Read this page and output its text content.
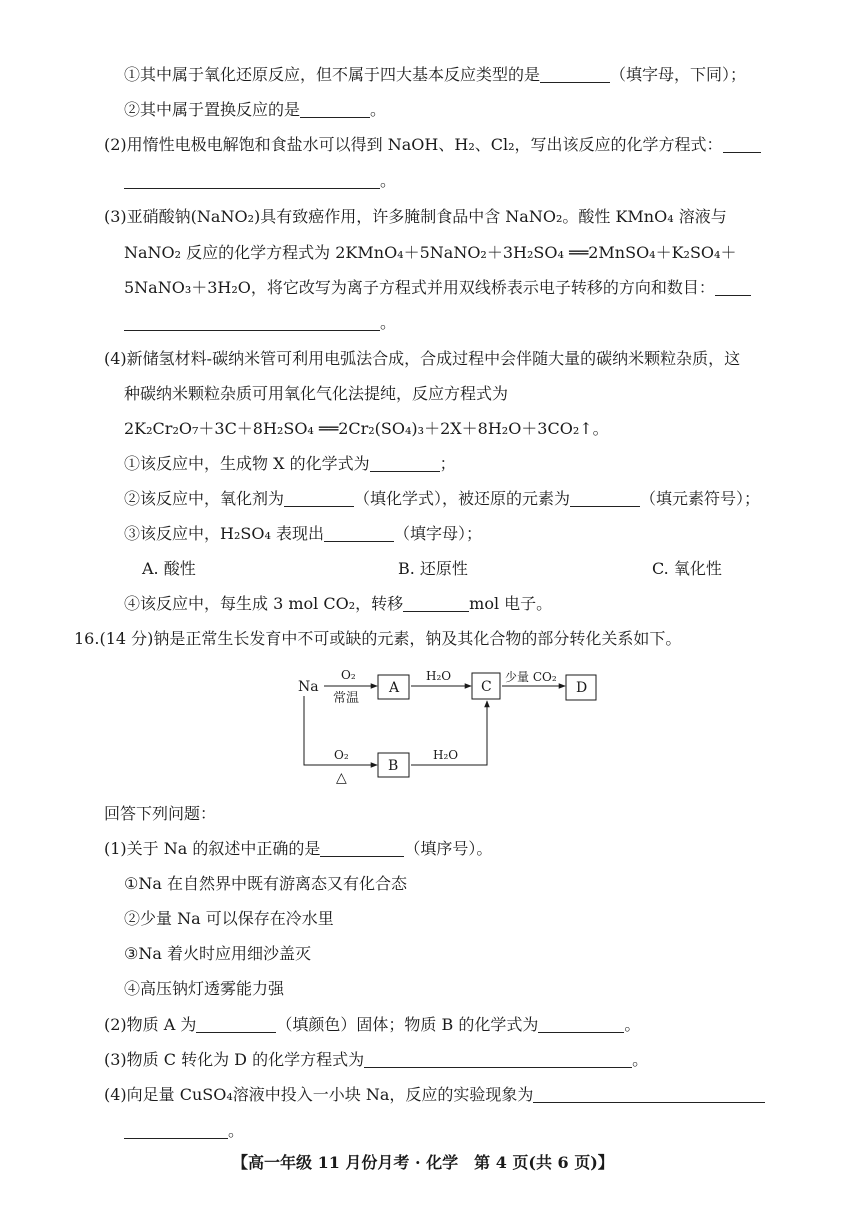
①其中属于氧化还原反应，但不属于四大基本反应类型的是	（填字母，下同）；
②其中属于置换反应的是	。
(2)用惰性电极电解饱和食盐水可以得到 NaOH、H₂、Cl₂，写出该反应的化学方程式：
。
(3)亚硝酸钠(NaNO₂)具有致癌作用，许多腌制食品中含 NaNO₂。酸性 KMnO₄ 溶液与
NaNO₂ 反应的化学方程式为 2KMnO₄＋5NaNO₂＋3H₂SO₄ ══2MnSO₄＋K₂SO₄＋
5NaNO₃＋3H₂O，将它改写为离子方程式并用双线桥表示电子转移的方向和数目：
。
(4)新储氢材料-碳纳米管可利用电弧法合成，合成过程中会伴随大量的碳纳米颗粒杂质，这
种碳纳米颗粒杂质可用氧化气化法提纯，反应方程式为
2K₂Cr₂O₇＋3C＋8H₂SO₄ ══2Cr₂(SO₄)₃＋2X＋8H₂O＋3CO₂↑。
①该反应中，生成物 X 的化学式为	；
②该反应中，氧化剂为	（填化学式），被还原的元素为	（填元素符号）；
③该反应中，H₂SO₄ 表现出	（填字母）；
A. 酸性	B. 还原性	C. 氧化性
④该反应中，每生成 3 mol CO₂，转移	mol 电子。
16.(14 分)钠是正常生长发育中不可或缺的元素，钠及其化合物的部分转化关系如下。
Na
O₂
常温
A
H₂O
C
少量 CO₂
D
O₂
△
B
H₂O
回答下列问题：
(1)关于 Na 的叙述中正确的是	（填序号）。
①Na 在自然界中既有游离态又有化合态
②少量 Na 可以保存在冷水里
③Na 着火时应用细沙盖灭
④高压钠灯透雾能力强
(2)物质 A 为	（填颜色）固体；物质 B 的化学式为	。
(3)物质 C 转化为 D 的化学方程式为	。
(4)向足量 CuSO₄溶液中投入一小块 Na，反应的实验现象为
。
【高一年级 11 月份月考 · 化学　第 4 页(共 6 页)】
